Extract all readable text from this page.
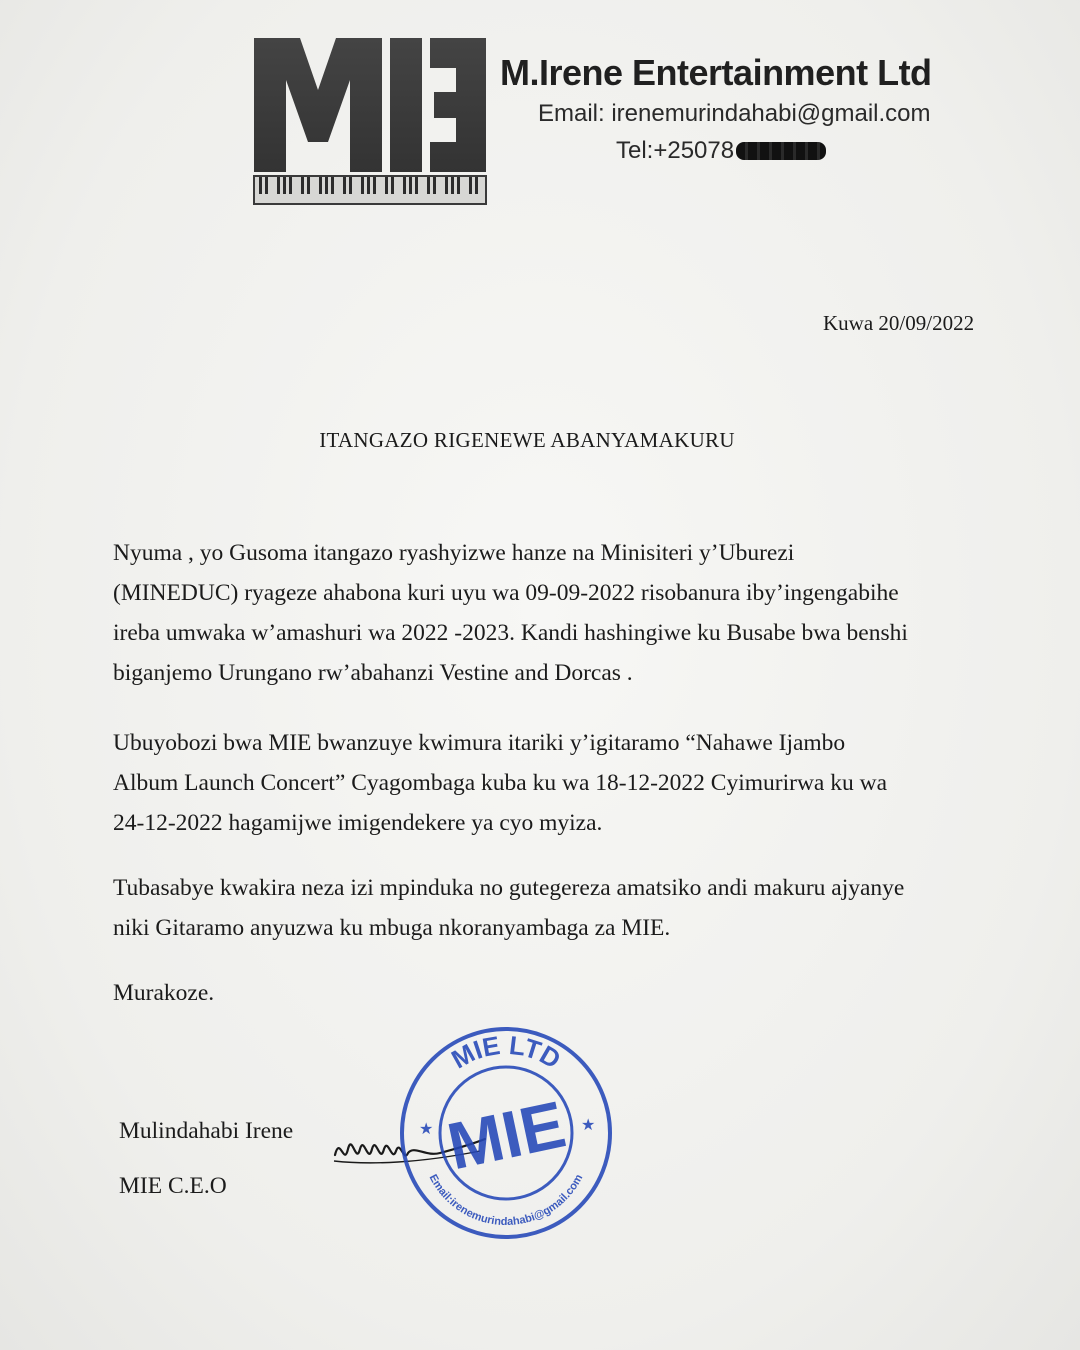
M.Irene Entertainment Ltd
Email: irenemurindahabi@gmail.com
Tel:+25078
Kuwa 20/09/2022
ITANGAZO RIGENEWE ABANYAMAKURU

Nyuma , yo Gusoma itangazo ryashyizwe hanze na Minisiteri y’Uburezi
(MINEDUC) ryageze ahabona kuri uyu wa 09-09-2022 risobanura iby’ingengabihe
ireba umwaka w’amashuri wa 2022 -2023. Kandi hashingiwe ku Busabe bwa benshi
biganjemo Urungano rw’abahanzi Vestine and Dorcas .

Ubuyobozi bwa MIE bwanzuye kwimura itariki y’igitaramo “Nahawe Ijambo
Album Launch Concert” Cyagombaga kuba ku wa 18-12-2022 Cyimurirwa ku wa
24-12-2022 hagamijwe imigendekere ya cyo myiza.

Tubasabye kwakira neza izi mpinduka no gutegereza amatsiko andi makuru ajyanye
niki Gitaramo anyuzwa ku mbuga nkoranyambaga za MIE.

Murakoze.
Mulindahabi Irene
MIE C.E.O
MIE LTD
Email:irenemurindahabi@gmail.com
MIE
★	★
